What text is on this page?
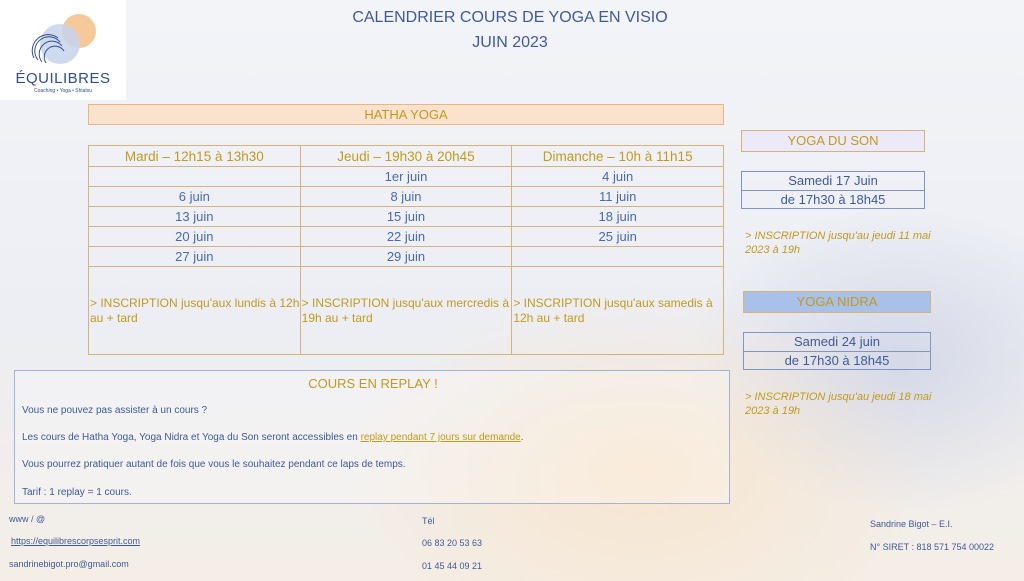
ÉQUILIBRES
Coaching • Yoga • Shiatsu
CALENDRIER COURS DE YOGA EN VISIO
JUIN 2023
HATHA YOGA
Mardi – 12h15 à 13h30	Jeudi – 19h30 à 20h45	Dimanche – 10h à 11h15
	1er juin	4 juin
6 juin	8 juin	11 juin
13 juin	15 juin	18 juin
20 juin	22 juin	25 juin
27 juin	29 juin	
> INSCRIPTION jusqu'aux lundis à 12h au + tard	> INSCRIPTION jusqu'aux mercredis à 19h au + tard	> INSCRIPTION jusqu'aux samedis à 12h au + tard
YOGA DU SON
Samedi 17 Juin
de 17h30 à 18h45
> INSCRIPTION jusqu'au jeudi 11 mai 2023 à 19h
YOGA NIDRA
Samedi 24 juin
de 17h30 à 18h45
> INSCRIPTION jusqu'au jeudi 18 mai 2023 à 19h
COURS EN REPLAY !

Vous ne pouvez pas assister à un cours ?

Les cours de Hatha Yoga, Yoga Nidra et Yoga du Son seront accessibles en replay pendant 7 jours sur demande.

Vous pourrez pratiquer autant de fois que vous le souhaitez pendant ce laps de temps.

Tarif : 1 replay = 1 cours.

www / @
https://equilibrescorpsesprit.com
sandrinebigot.pro@gmail.com
Tél
06 83 20 53 63
01 45 44 09 21
Sandrine Bigot – E.I.
N° SIRET : 818 571 754 00022
